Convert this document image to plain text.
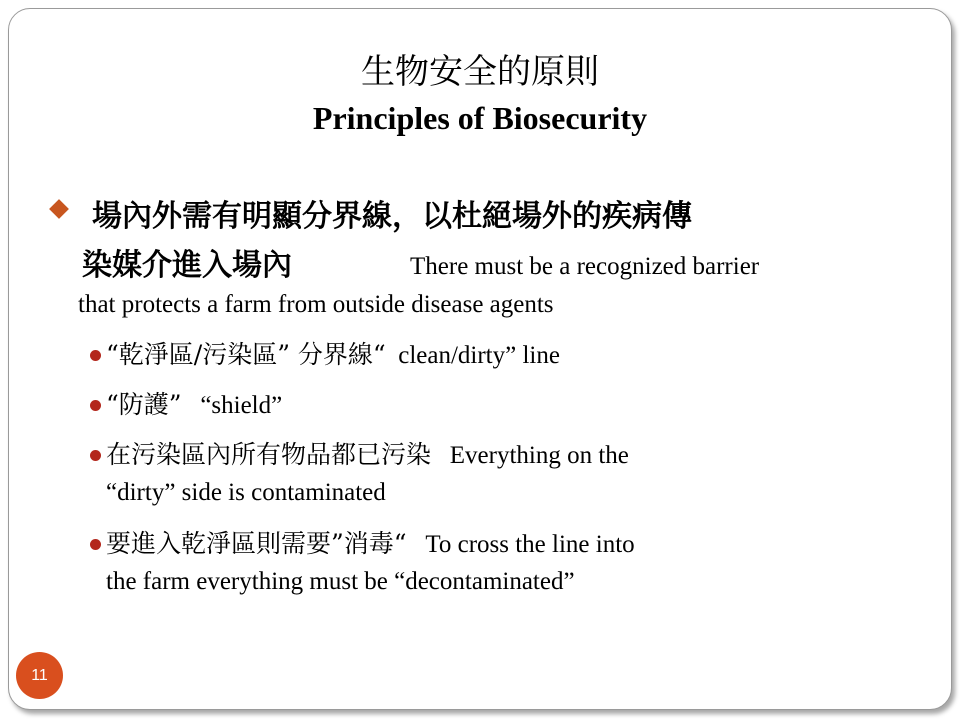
生物安全的原則
Principles of Biosecurity
場內外需有明顯分界線，以杜絕場外的疾病傳
染媒介進入場內	There must be a recognized barrier
that protects a farm from outside disease agents
“乾淨區/污染區” 分界線“ clean/dirty” line
“防護” “shield”
在污染區內所有物品都已污染 Everything on the
“dirty” side is contaminated
要進入乾淨區則需要”消毒“ To cross the line into
the farm everything must be “decontaminated”
11
